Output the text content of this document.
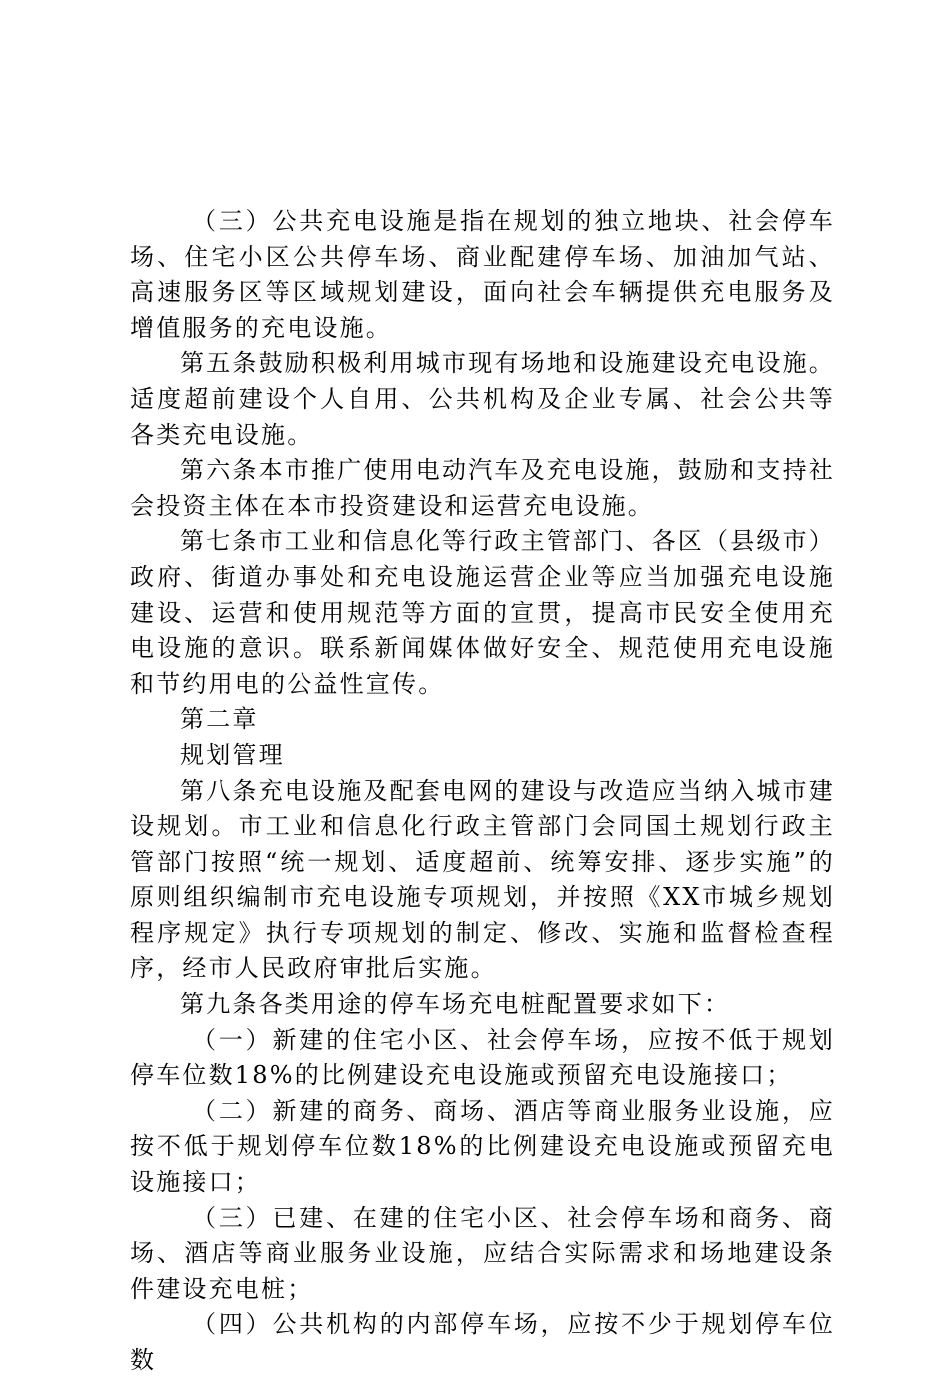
（三）公共充电设施是指在规划的独立地块、社会停车场、住宅小区公共停车场、商业配建停车场、加油加气站、高速服务区等区域规划建设，面向社会车辆提供充电服务及增值服务的充电设施。

第五条鼓励积极利用城市现有场地和设施建设充电设施。适度超前建设个人自用、公共机构及企业专属、社会公共等各类充电设施。

第六条本市推广使用电动汽车及充电设施，鼓励和支持社会投资主体在本市投资建设和运营充电设施。

第七条市工业和信息化等行政主管部门、各区（县级市）政府、街道办事处和充电设施运营企业等应当加强充电设施建设、运营和使用规范等方面的宣贯，提高市民安全使用充电设施的意识。联系新闻媒体做好安全、规范使用充电设施和节约用电的公益性宣传。

第二章

规划管理

第八条充电设施及配套电网的建设与改造应当纳入城市建设规划。市工业和信息化行政主管部门会同国土规划行政主管部门按照“统一规划、适度超前、统筹安排、逐步实施”的原则组织编制市充电设施专项规划，并按照《XX市城乡规划程序规定》执行专项规划的制定、修改、实施和监督检查程序，经市人民政府审批后实施。

第九条各类用途的停车场充电桩配置要求如下：

（一）新建的住宅小区、社会停车场，应按不低于规划停车位数18%的比例建设充电设施或预留充电设施接口；

（二）新建的商务、商场、酒店等商业服务业设施，应按不低于规划停车位数18%的比例建设充电设施或预留充电设施接口；

（三）已建、在建的住宅小区、社会停车场和商务、商场、酒店等商业服务业设施，应结合实际需求和场地建设条件建设充电桩；

（四）公共机构的内部停车场，应按不少于规划停车位数
